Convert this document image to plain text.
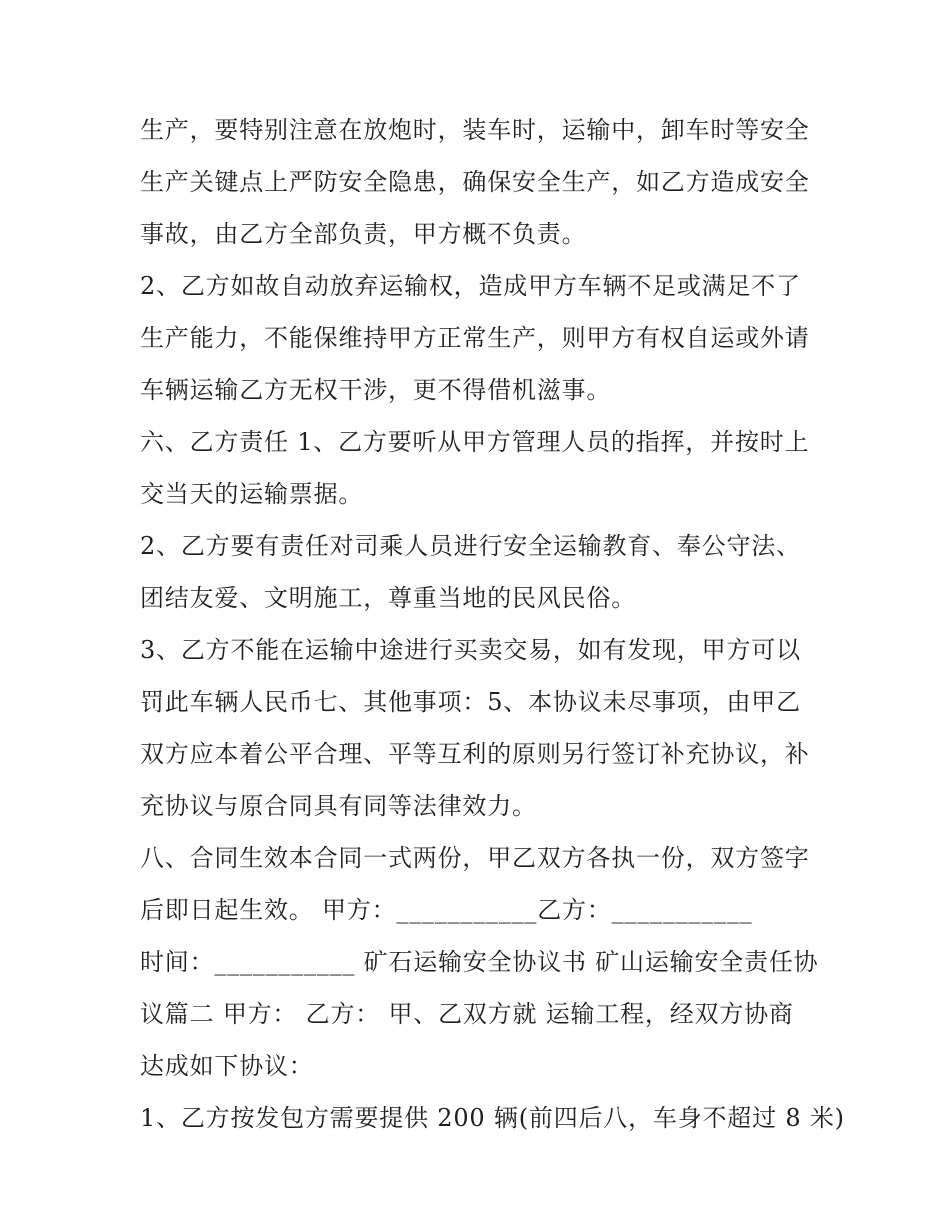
生产，要特别注意在放炮时，装车时，运输中，卸车时等安全
生产关键点上严防安全隐患，确保安全生产，如乙方造成安全
事故，由乙方全部负责，甲方概不负责。
2、乙方如故自动放弃运输权，造成甲方车辆不足或满足不了
生产能力，不能保维持甲方正常生产，则甲方有权自运或外请
车辆运输乙方无权干涉，更不得借机滋事。
六、乙方责任 1、乙方要听从甲方管理人员的指挥，并按时上
交当天的运输票据。
2、乙方要有责任对司乘人员进行安全运输教育、奉公守法、
团结友爱、文明施工，尊重当地的民风民俗。
3、乙方不能在运输中途进行买卖交易，如有发现，甲方可以
罚此车辆人民币七、其他事项：5、本协议未尽事项，由甲乙
双方应本着公平合理、平等互利的原则另行签订补充协议，补
充协议与原合同具有同等法律效力。
八、合同生效本合同一式两份，甲乙双方各执一份，双方签字
后即日起生效。 甲方：___________乙方：___________
时间：___________ 矿石运输安全协议书 矿山运输安全责任协
议篇二 甲方： 乙方： 甲、乙双方就 运输工程，经双方协商
达成如下协议：
1、乙方按发包方需要提供 200 辆(前四后八，车身不超过 8 米)
